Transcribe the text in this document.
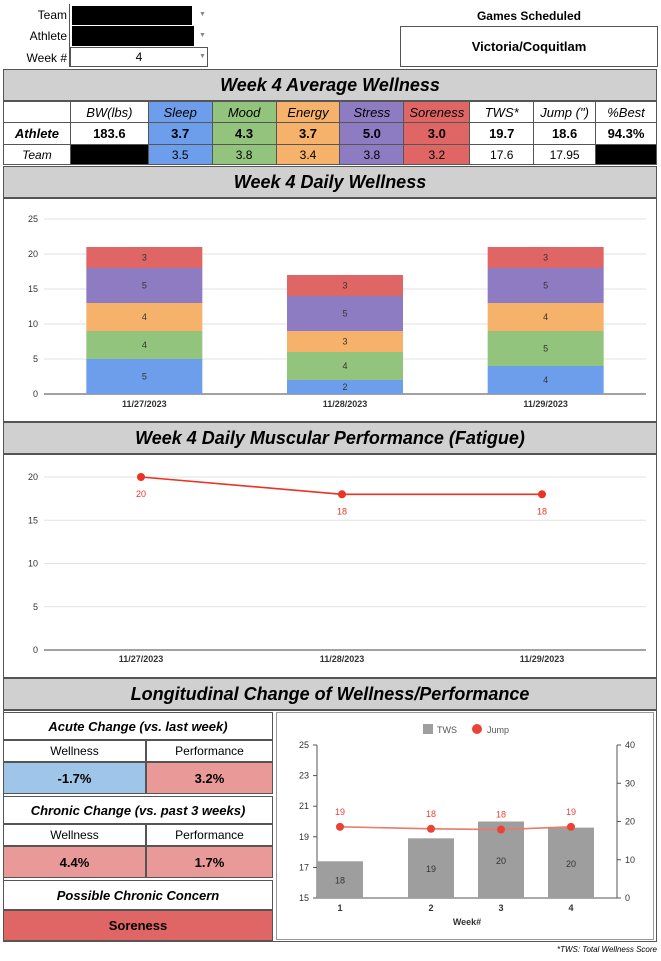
Team	▼
Athlete	▼
Week #	4	▼
Games Scheduled
Victoria/Coquitlam
Week 4 Average Wellness
	BW(lbs)	Sleep	Mood	Energy	Stress	Soreness	TWS*	Jump (")	%Best
Athlete	183.6	3.7	4.3	3.7	5.0	3.0	19.7	18.6	94.3%
Team		3.5	3.8	3.4	3.8	3.2	17.6	17.95	
Week 4 Daily Wellness
0
5
10
15
20
25
5
4
4
5
3
11/27/2023
2
4
3
5
3
11/28/2023
4
5
4
5
3
11/29/2023
Week 4 Daily Muscular Performance (Fatigue)
0
5
10
15
20
20
11/27/2023
18
11/28/2023
18
11/29/2023
Longitudinal Change of Wellness/Performance
Acute Change (vs. last week)
Wellness	Performance
-1.7%	3.2%
Chronic Change (vs. past 3 weeks)
Wellness	Performance
4.4%	1.7%
Possible Chronic Concern
Soreness
15
17
19
21
23
25
0
10
20
30
40
TWS	Jump
18
1
19
2
20
3
20
4
19	18	18	19
Week#
*TWS: Total Wellness Score
